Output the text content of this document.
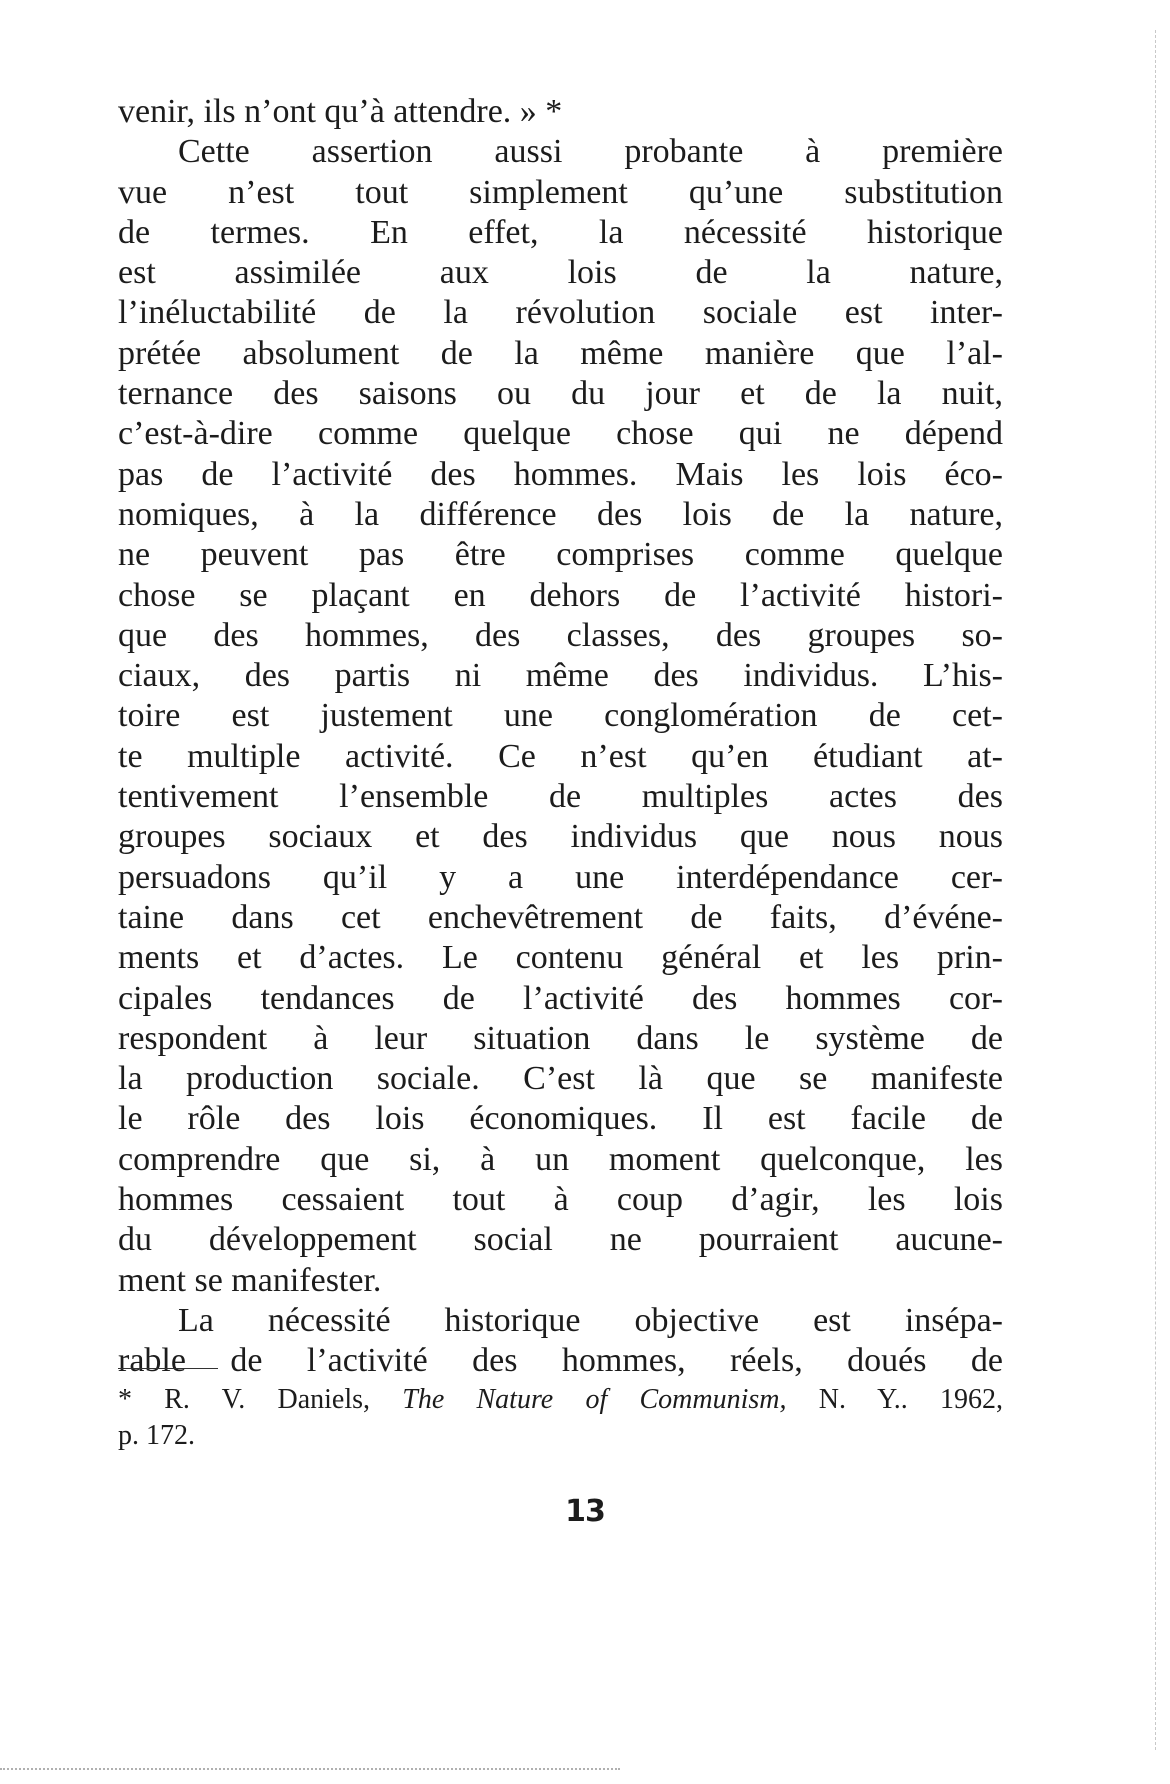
venir, ils n’ont qu’à attendre. » *
Cette assertion aussi probante à première
vue n’est tout simplement qu’une substitution
de termes. En effet, la nécessité historique
est assimilée aux lois de la nature,
l’inéluctabilité de la révolution sociale est inter-
prétée absolument de la même manière que l’al-
ternance des saisons ou du jour et de la nuit,
c’est-à-dire comme quelque chose qui ne dépend
pas de l’activité des hommes. Mais les lois éco-
nomiques, à la différence des lois de la nature,
ne peuvent pas être comprises comme quelque
chose se plaçant en dehors de l’activité histori-
que des hommes, des classes, des groupes so-
ciaux, des partis ni même des individus. L’his-
toire est justement une conglomération de cet-
te multiple activité. Ce n’est qu’en étudiant at-
tentivement l’ensemble de multiples actes des
groupes sociaux et des individus que nous nous
persuadons qu’il y a une interdépendance cer-
taine dans cet enchevêtrement de faits, d’événe-
ments et d’actes. Le contenu général et les prin-
cipales tendances de l’activité des hommes cor-
respondent à leur situation dans le système de
la production sociale. C’est là que se manifeste
le rôle des lois économiques. Il est facile de
comprendre que si, à un moment quelconque, les
hommes cessaient tout à coup d’agir, les lois
du développement social ne pourraient aucune-
ment se manifester.
La nécessité historique objective est insépa-
rable de l’activité des hommes, réels, doués de
* R. V. Daniels, The Nature of Communism, N. Y.. 1962,
p. 172.
13
